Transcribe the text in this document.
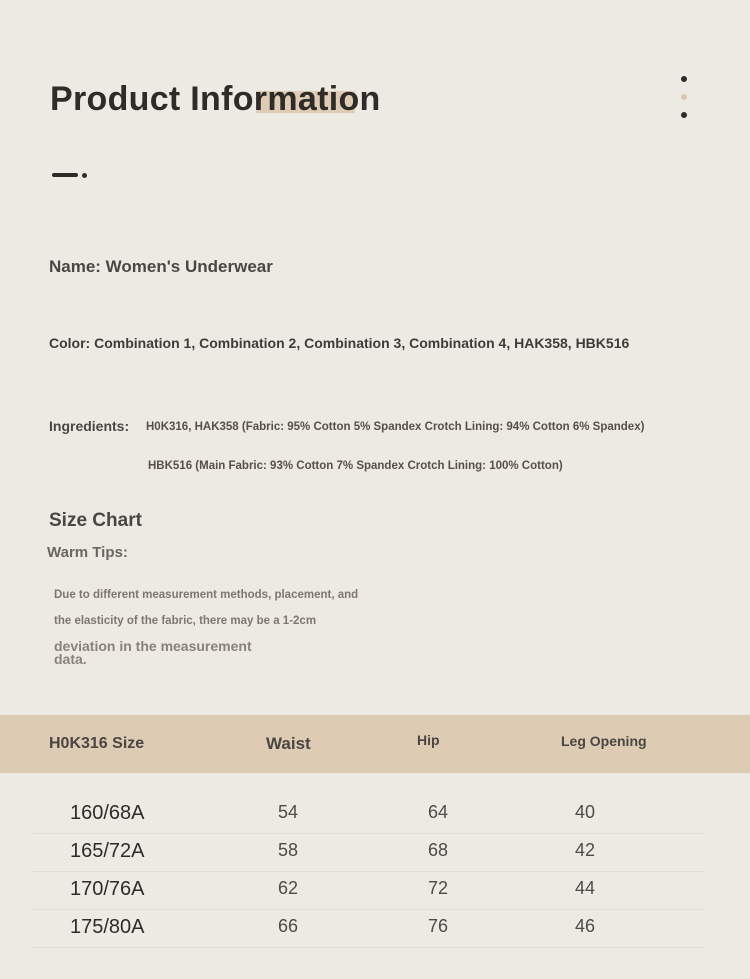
Product Information
Name: Women's Underwear
Color: Combination 1, Combination 2, Combination 3, Combination 4, HAK358, HBK516
Ingredients: H0K316, HAK358 (Fabric: 95% Cotton 5% Spandex Crotch Lining: 94% Cotton 6% Spandex)
HBK516 (Main Fabric: 93% Cotton 7% Spandex Crotch Lining: 100% Cotton)
Size Chart
Warm Tips:
Due to different measurement methods, placement, and
the elasticity of the fabric, there may be a 1-2cm
deviation in the measurement data.
H0K316 Size	Waist	Hip	Leg Opening
160/68A	54	64	40
165/72A	58	68	42
170/76A	62	72	44
175/80A	66	76	46
